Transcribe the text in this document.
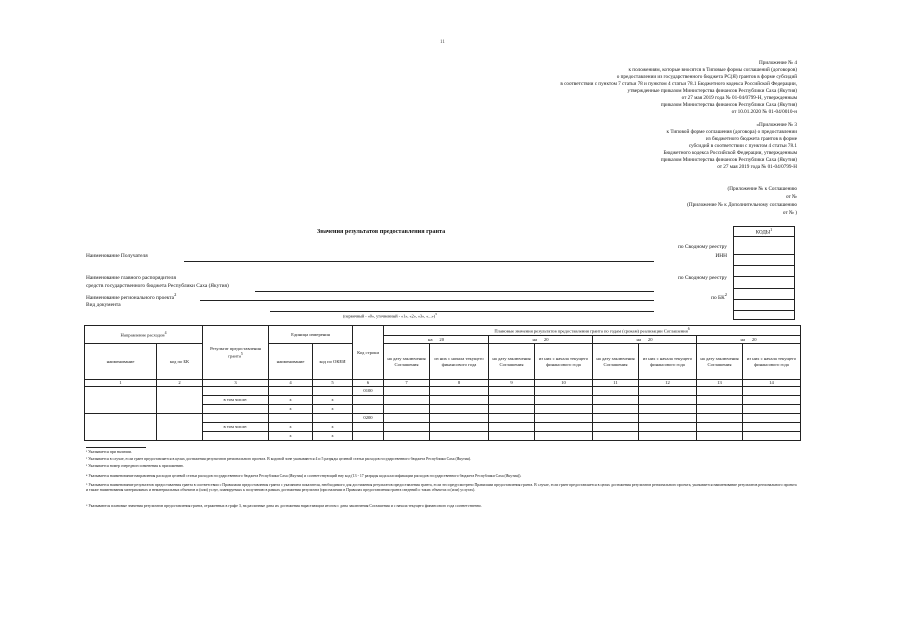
11
Приложение № 4
к положениям, которые вносятся в Типовые формы соглашений (договоров)
о предоставлении из государственного бюджета РС(Я) грантов в форме субсидий
в соответствии с пунктом 7 статьи 78 и пунктом 4 статьи 78.1 Бюджетного кодекса Российской Федерации,
утвержденные приказом Министерства финансов Республики Саха (Якутия)
от 27 мая 2019 года № 01-04/0799-Н, утвержденным
приказом Министерства финансов Республики Саха (Якутия)
от 10.01.2020 № 01-04/0010-н
«Приложение № 3
к Типовой форме соглашения (договора) о предоставлении
из бюджетного бюджета грантов в форме
субсидий в соответствии с пунктом 4 статьи 78.1
Бюджетного кодекса Российской Федерации, утвержденным
приказом Министерства финансов Республики Саха (Якутия)
от 27 мая 2019 года № 01-04/0799-Н
(Приложение № к Соглашению
от №
(Приложение № к Дополнительному соглашению
от № )
Значения результатов предоставления гранта	КОДЫ$^1$

по Сводному реестру
ИНН
по Сводному реестру
по $БК^2$
Наименование Получателя
Наименование главного распорядителя
средств государственного бюджета Республики Саха (Якутия)
Наименование регионального проекта$^2$
Вид документа
(первичный - «0», уточненный - «1», «2», «3», «...»)$^3$
Направление расходов$^4$		Результат предоставления гранта$^5$	Единица измерения		Код строки	Плановые значения результатов предоставления гранта по годам (срокам) реализации Соглашения$^6$
						на 20		на 20		на 20		на 20	
наименование	код по БК		наименование	код по ОКЕИ		на дату заключения Соглашения	из них с начала текущего финансового года	на дату заключения Соглашения	из них с начала текущего финансового года	на дату заключения Соглашения	из них с начала текущего финансового года	на дату заключения Соглашения	из них с начала текущего финансового года
1	2	3	4	5	6	7	8	9	10	11	12	13	14
					0100								
		в том числе:	x	x									
			x	x									
					0200								
		в том числе:	x	x									
			x	x									
¹ Указывается при наличии.
² Указывается в случае, если грант предоставляется в целях достижения результатов регионального проекта. В кодовой зоне указываются 4 и 5 разряды целевой статьи расходов государственного бюджета Республики Саха (Якутия).
³ Указывается номер очередного изменения к приложению.
⁴ Указывается наименование направления расходов целевой статьи расходов государственного бюджета Республики Саха (Якутия) и соответствующий ему код (13 - 17 разряды кода классификации расходов государственного бюджета Республики Саха (Якутия)).
⁵ Указывается наименование результатов предоставления гранта в соответствии с Правилами предоставления гранта с указанием показателя, необходимого для достижения результатов предоставления гранта, если это предусмотрено Правилами предоставления гранта. В случае, если грант предоставляется в целях достижения результатов регионального проекта, указывается наименование результатов регионального проекта и также наименования материальных и нематериальных объектов и (или) услуг, планируемых к получению в рамках достижения результата (при наличии в Правилах предоставления гранта сведений о таких объектах и (или) услугах).
⁶ Указываются плановые значения результатов предоставления гранта, отраженных в графе 3, на различные даты их достижения нарастающим итогом с даты заключения Соглашения и с начала текущего финансового года соответственно.
